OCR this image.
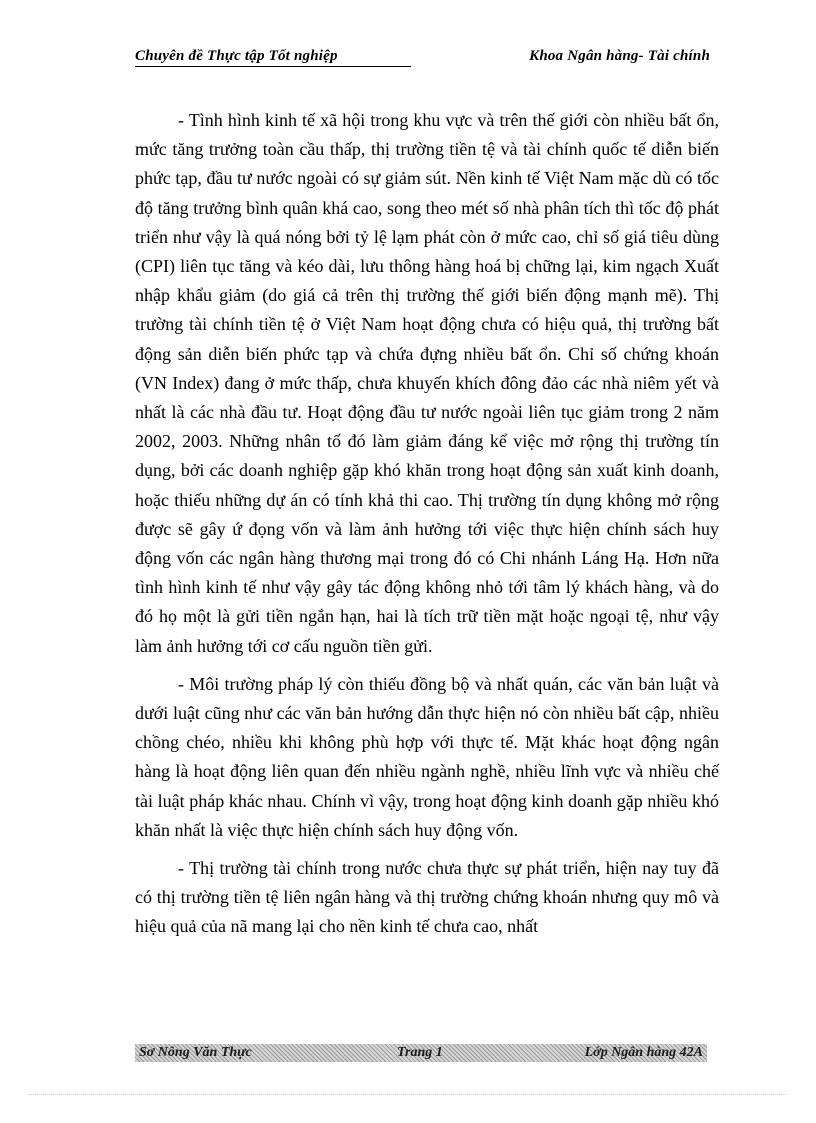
Chuyên đề Thực tập Tốt nghiệp	Khoa Ngân hàng- Tài chính

- Tình hình kinh tế xã hội trong khu vực và trên thế giới còn nhiều bất ổn, mức tăng trưởng toàn cầu thấp, thị trường tiền tệ và tài chính quốc tế diễn biến phức tạp, đầu tư nước ngoài có sự giảm sút. Nền kinh tế Việt Nam mặc dù có tốc độ tăng trưởng bình quân khá cao, song theo mét số nhà phân tích thì tốc độ phát triển như vậy là quá nóng bởi tỷ lệ lạm phát còn ở mức cao, chỉ số giá tiêu dùng (CPI) liên tục tăng và kéo dài, lưu thông hàng hoá bị chững lại, kim ngạch Xuất nhập khẩu giảm (do giá cả trên thị trường thế giới biến động mạnh mẽ). Thị trường tài chính tiền tệ ở Việt Nam hoạt động chưa có hiệu quả, thị trường bất động sản diễn biến phức tạp và chứa đựng nhiều bất ổn. Chỉ số chứng khoán (VN Index) đang ở mức thấp, chưa khuyến khích đông đảo các nhà niêm yết và nhất là các nhà đầu tư. Hoạt động đầu tư nước ngoài liên tục giảm trong 2 năm 2002, 2003. Những nhân tố đó làm giảm đáng kể việc mở rộng thị trường tín dụng, bởi các doanh nghiệp gặp khó khăn trong hoạt động sản xuất kinh doanh, hoặc thiếu những dự án có tính khả thi cao. Thị trường tín dụng không mở rộng được sẽ gây ứ đọng vốn và làm ảnh hưởng tới việc thực hiện chính sách huy động vốn các ngân hàng thương mại trong đó có Chi nhánh Láng Hạ. Hơn nữa tình hình kinh tế như vậy gây tác động không nhỏ tới tâm lý khách hàng, và do đó họ một là gửi tiền ngắn hạn, hai là tích trữ tiền mặt hoặc ngoại tệ, như vậy làm ảnh hưởng tới cơ cấu nguồn tiền gửi.

- Môi trường pháp lý còn thiếu đồng bộ và nhất quán, các văn bản luật và dưới luật cũng như các văn bản hướng dẫn thực hiện nó còn nhiều bất cập, nhiều chồng chéo, nhiều khi không phù hợp với thực tế. Mặt khác hoạt động ngân hàng là hoạt động liên quan đến nhiều ngành nghề, nhiều lĩnh vực và nhiều chế tài luật pháp khác nhau. Chính vì vậy, trong hoạt động kinh doanh gặp nhiều khó khăn nhất là việc thực hiện chính sách huy động vốn.

- Thị trường tài chính trong nước chưa thực sự phát triển, hiện nay tuy đã có thị trường tiền tệ liên ngân hàng và thị trường chứng khoán nhưng quy mô và hiệu quả của nã mang lại cho nền kinh tế chưa cao, nhất

Sơ Nông Văn Thực	Trang 1	Lớp Ngân hàng 42A
